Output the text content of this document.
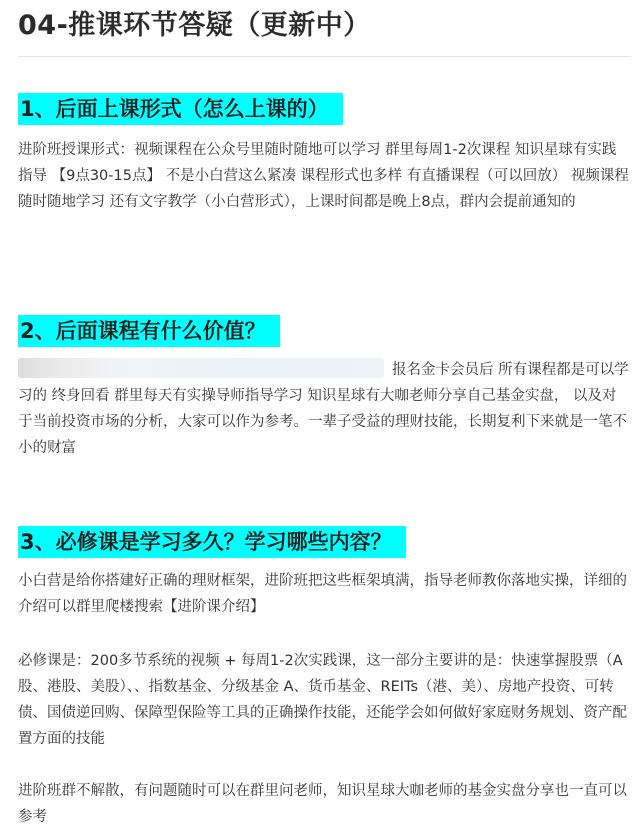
04-推课环节答疑（更新中）
1、后面上课形式（怎么上课的）

进阶班授课形式：视频课程在公众号里随时随地可以学习 群里每周1-2次课程 知识星球有实践指导 【9点30-15点】 不是小白营这么紧凑 课程形式也多样 有直播课程（可以回放） 视频课程随时随地学习 还有文字教学（小白营形式），上课时间都是晚上8点，群内会提前通知的

2、后面课程有什么价值？

报名金卡会员后 所有课程都是可以学习的 终身回看 群里每天有实操导师指导学习 知识星球有大咖老师分享自己基金实盘， 以及对于当前投资市场的分析，大家可以作为参考。一辈子受益的理财技能，长期复利下来就是一笔不小的财富

3、必修课是学习多久？学习哪些内容？

小白营是给你搭建好正确的理财框架，进阶班把这些框架填满，指导老师教你落地实操，详细的介绍可以群里爬楼搜索【进阶课介绍】

必修课是：200多节系统的视频 + 每周1-2次实践课，这一部分主要讲的是：快速掌握股票（A 股、港股、美股）、、指数基金、分级基金 A、货币基金、REITs（港、美）、房地产投资、可转债、国债逆回购、保障型保险等工具的正确操作技能，还能学会如何做好家庭财务规划、资产配置方面的技能

进阶班群不解散，有问题随时可以在群里问老师，知识星球大咖老师的基金实盘分享也一直可以参考
